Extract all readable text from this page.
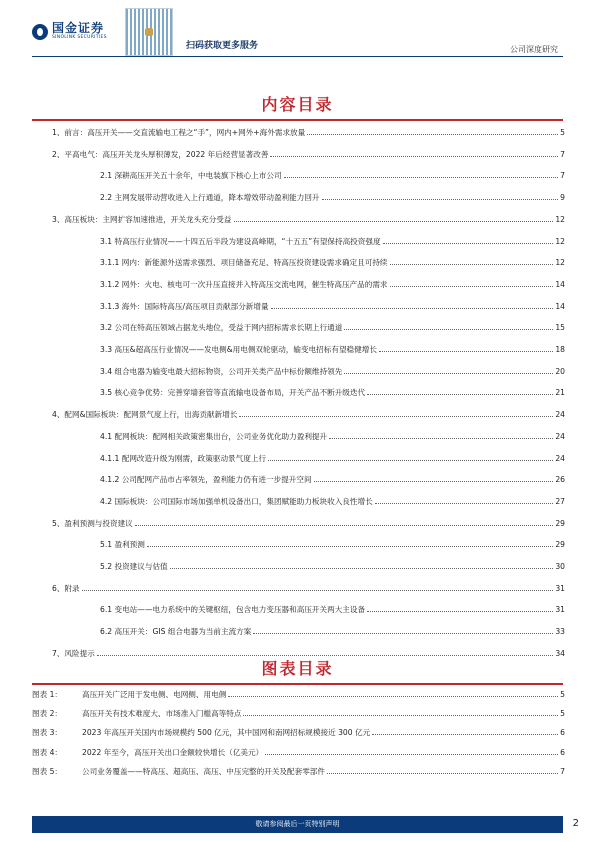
国金证券
SINOLINK SECURITIES
扫码获取更多服务	公司深度研究
内容目录
1、前言：高压开关——交直流输电工程之“手”，网内+网外+海外需求放量	5
2、平高电气：高压开关龙头厚积薄发，2022 年后经营显著改善	7
2.1 深耕高压开关五十余年，中电装旗下核心上市公司	7
2.2 主网发展带动营收进入上行通道，降本增效带动盈利能力回升	9
3、高压板块：主网扩容加速推进，开关龙头充分受益	12
3.1 特高压行业情况——十四五后半段为建设高峰期，“十五五”有望保持高投资强度	12
3.1.1 网内：新能源外送需求强烈、项目储备充足、特高压投资建设需求确定且可持续	12
3.1.2 网外：火电、核电可一次升压直接并入特高压交流电网，催生特高压产品的需求	14
3.1.3 海外：国际特高压/高压项目贡献部分新增量	14
3.2 公司在特高压领域占据龙头地位，受益于网内招标需求长期上行通道	15
3.3 高压&超高压行业情况——发电侧&用电侧双轮驱动，输变电招标有望稳健增长	18
3.4 组合电器为输变电最大招标物资，公司开关类产品中标份额维持领先	20
3.5 核心竞争优势：完善穿墙套管等直流输电设备布局，开关产品不断升级迭代	21
4、配网&国际板块：配网景气度上行，出海贡献新增长	24
4.1 配网板块：配网相关政策密集出台，公司业务优化助力盈利提升	24
4.1.1 配网改造升级为刚需，政策驱动景气度上行	24
4.1.2 公司配网产品市占率领先，盈利能力仍有进一步提升空间	26
4.2 国际板块：公司国际市场加强单机设备出口，集团赋能助力板块收入良性增长	27
5、盈利预测与投资建议	29
5.1 盈利预测	29
5.2 投资建议与估值	30
6、附录	31
6.1 变电站——电力系统中的关键枢纽，包含电力变压器和高压开关两大主设备	31
6.2 高压开关：GIS 组合电器为当前主流方案	33
7、风险提示	34
图表目录
图表 1：	高压开关广泛用于发电侧、电网侧、用电侧	5
图表 2：	高压开关有技术难度大、市场准入门槛高等特点	5
图表 3：	2023 年高压开关国内市场规模约 500 亿元，其中国网和南网招标规模接近 300 亿元	6
图表 4：	2022 年至今，高压开关出口金额较快增长（亿美元）	6
图表 5：	公司业务覆盖——特高压、超高压、高压、中压完整的开关及配套零部件	7
敬请参阅最后一页特别声明	2
